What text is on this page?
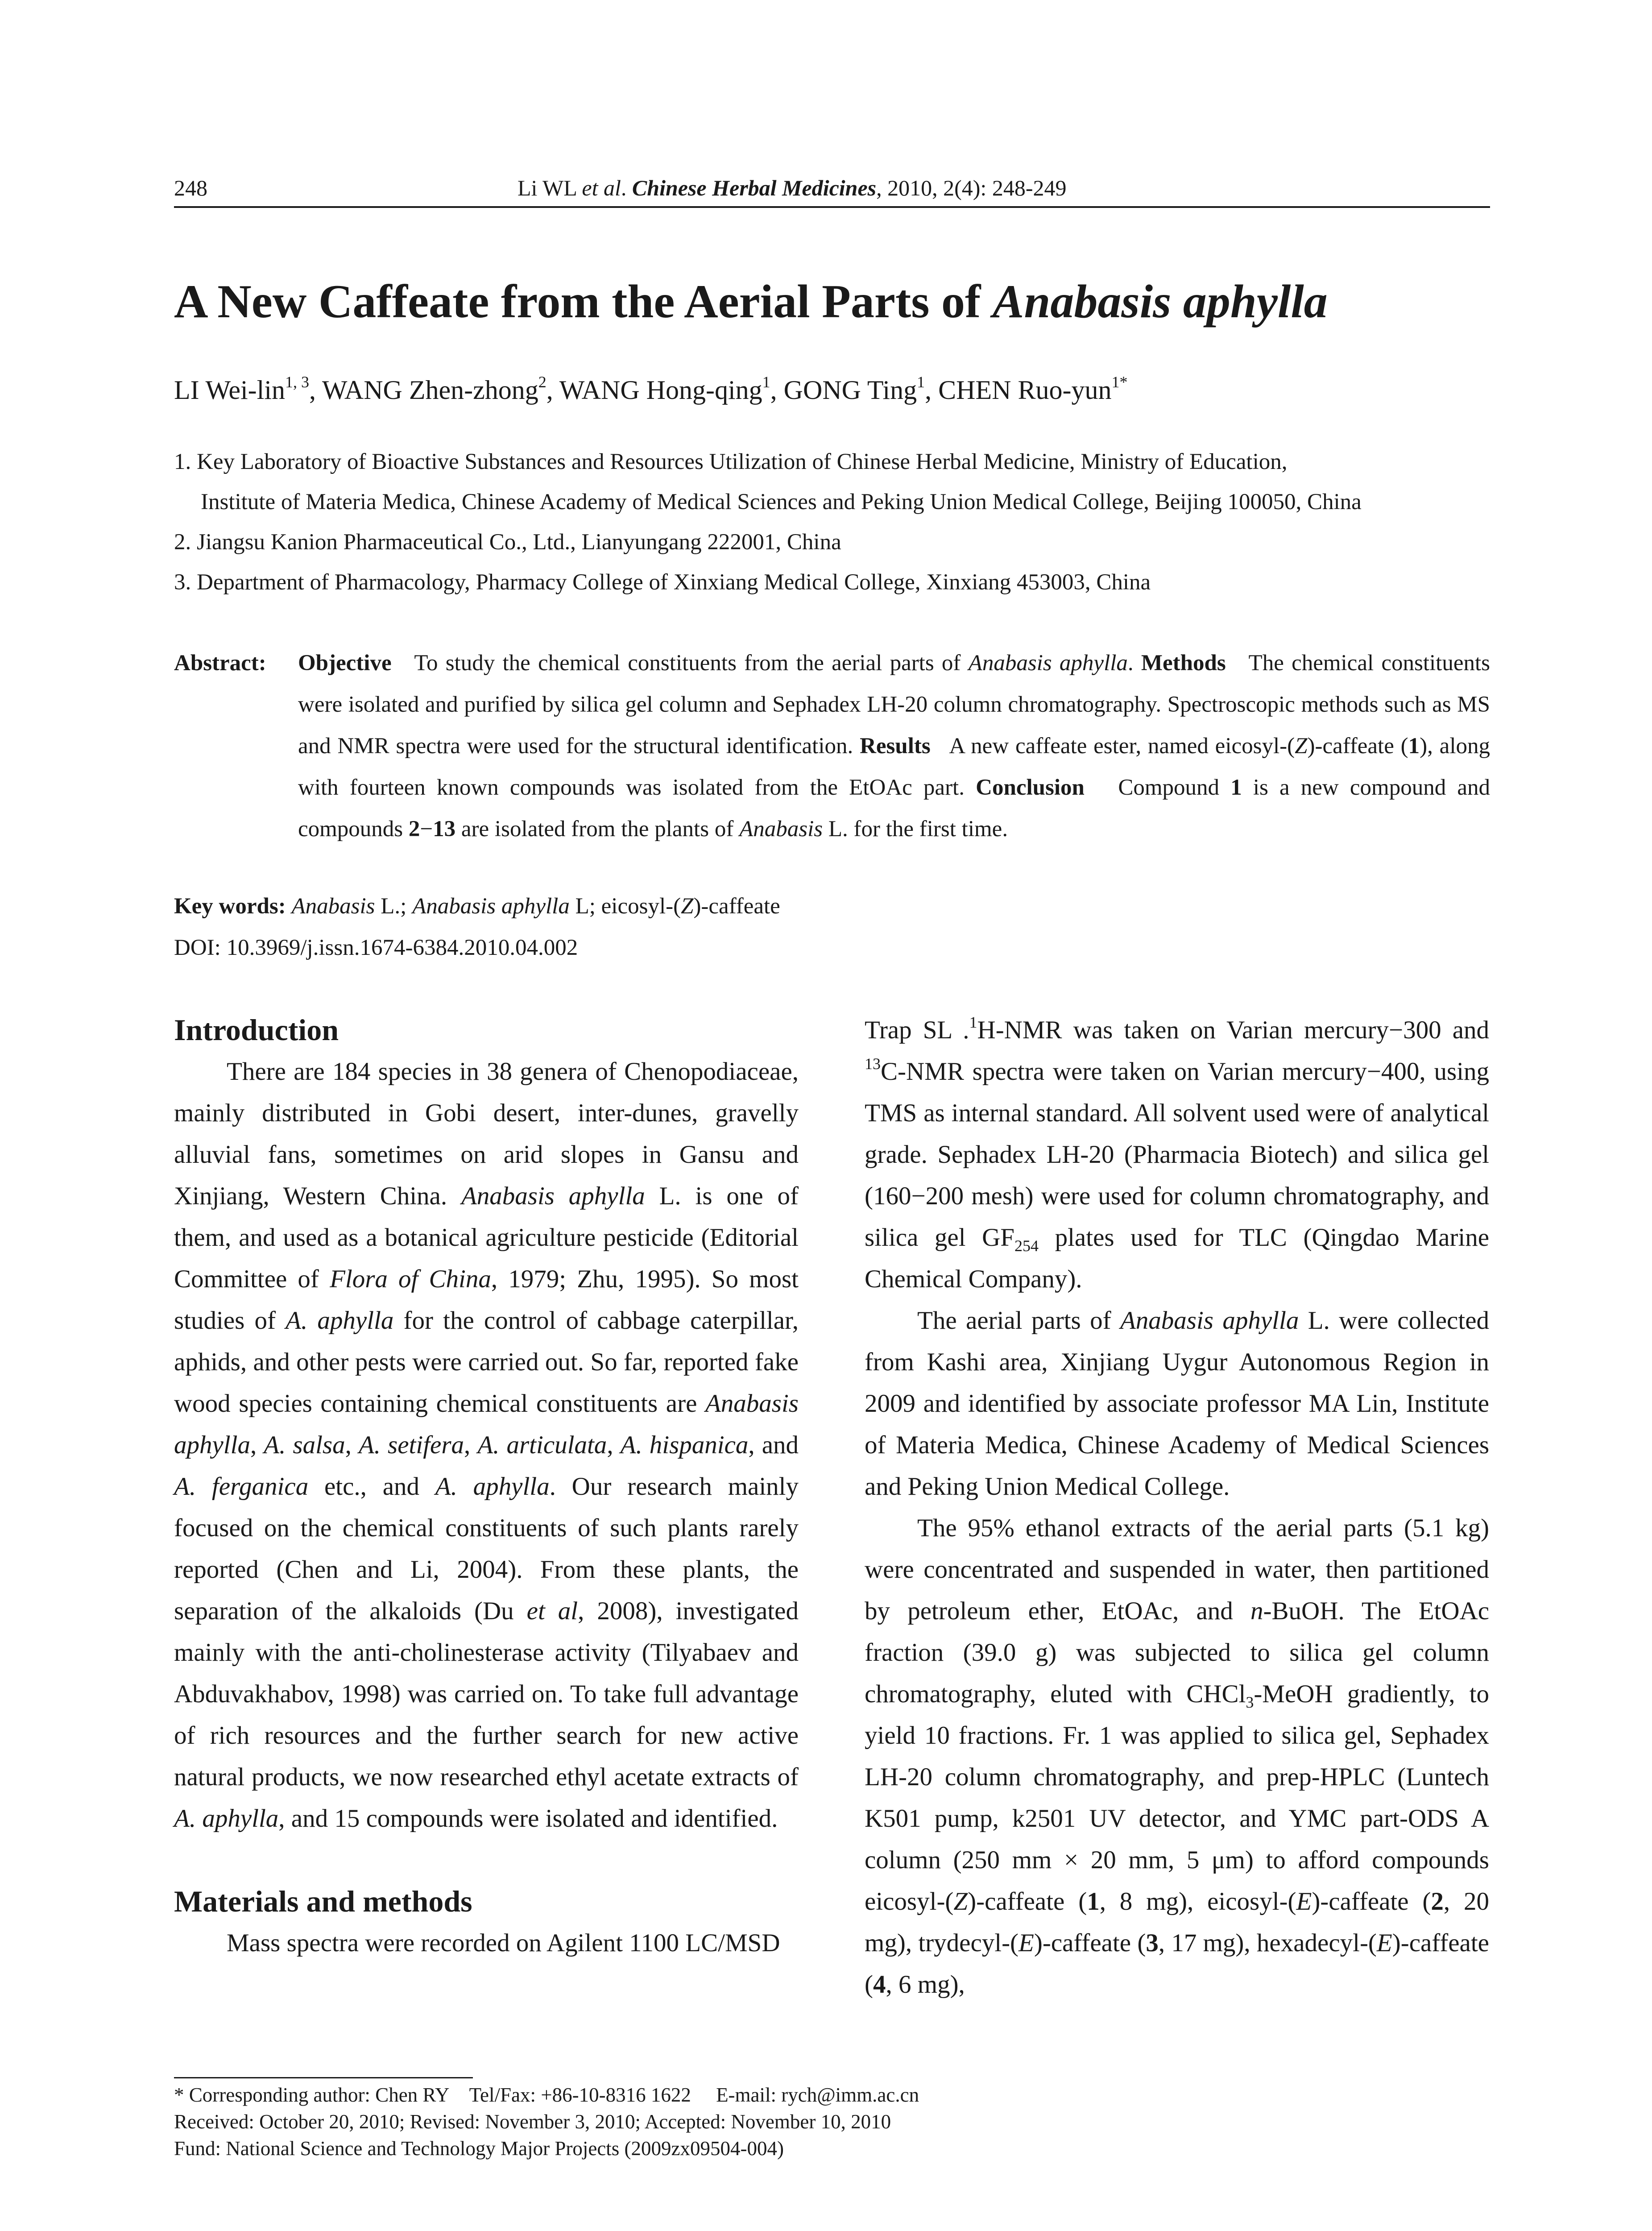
248	Li WL et al. Chinese Herbal Medicines, 2010, 2(4): 248-249
A New Caffeate from the Aerial Parts of Anabasis aphylla
LI Wei-lin$^{1, 3}$, WANG Zhen-zhong$^2$, WANG Hong-qing$^1$, GONG Ting$^1$, CHEN Ruo-yun$^{1*}$
1. Key Laboratory of Bioactive Substances and Resources Utilization of Chinese Herbal Medicine, Ministry of Education,
Institute of Materia Medica, Chinese Academy of Medical Sciences and Peking Union Medical College, Beijing 100050, China
2. Jiangsu Kanion Pharmaceutical Co., Ltd., Lianyungang 222001, China
3. Department of Pharmacology, Pharmacy College of Xinxiang Medical College, Xinxiang 453003, China
Abstract: Objective   To study the chemical constituents from the aerial parts of Anabasis aphylla. Methods   The chemical constituents were isolated and purified by silica gel column and Sephadex LH-20 column chromatography. Spectroscopic methods such as MS and NMR spectra were used for the structural identification. Results   A new caffeate ester, named eicosyl-(Z)-caffeate (1), along with fourteen known compounds was isolated from the EtOAc part. Conclusion   Compound 1 is a new compound and compounds 2−13 are isolated from the plants of Anabasis L. for the first time.
Key words: Anabasis L.; Anabasis aphylla L; eicosyl-(Z)-caffeate
DOI: 10.3969/j.issn.1674-6384.2010.04.002
Introduction

There are 184 species in 38 genera of Chenopodiaceae, mainly distributed in Gobi desert, inter-dunes, gravelly alluvial fans, sometimes on arid slopes in Gansu and Xinjiang, Western China. Anabasis aphylla L. is one of them, and used as a botanical agriculture pesticide (Editorial Committee of Flora of China, 1979; Zhu, 1995). So most studies of A. aphylla for the control of cabbage caterpillar, aphids, and other pests were carried out. So far, reported fake wood species containing chemical constituents are Anabasis aphylla, A. salsa, A. setifera, A. articulata, A. hispanica, and A. ferganica etc., and A. aphylla. Our research mainly focused on the chemical constituents of such plants rarely reported (Chen and Li, 2004). From these plants, the separation of the alkaloids (Du et al, 2008), investigated mainly with the anti-cholinesterase activity (Tilyabaev and Abduvakhabov, 1998) was carried on. To take full advantage of rich resources and the further search for new active natural products, we now researched ethyl acetate extracts of A. aphylla, and 15 compounds were isolated and identified.

Materials and methods

Mass spectra were recorded on Agilent 1100 LC/MSD

Trap SL .$^1$H-NMR was taken on Varian mercury−300 and $^{13}$C-NMR spectra were taken on Varian mercury−400, using TMS as internal standard. All solvent used were of analytical grade. Sephadex LH-20 (Pharmacia Biotech) and silica gel (160−200 mesh) were used for column chromatography, and silica gel $GF_{254}$ plates used for TLC (Qingdao Marine Chemical Company).

The aerial parts of Anabasis aphylla L. were collected from Kashi area, Xinjiang Uygur Autonomous Region in 2009 and identified by associate professor MA Lin, Institute of Materia Medica, Chinese Academy of Medical Sciences and Peking Union Medical College.

The 95% ethanol extracts of the aerial parts (5.1 kg) were concentrated and suspended in water, then partitioned by petroleum ether, EtOAc, and n-BuOH. The EtOAc fraction (39.0 g) was subjected to silica gel column chromatography, eluted with CHCl$_3$-MeOH gradiently, to yield 10 fractions. Fr. 1 was applied to silica gel, Sephadex LH-20 column chromatography, and prep-HPLC (Luntech K501 pump, k2501 UV detector, and YMC part-ODS A column (250 mm × 20 mm, 5 μm) to afford compounds eicosyl-(Z)-caffeate (1, 8 mg), eicosyl-(E)-caffeate (2, 20 mg), trydecyl-(E)-caffeate (3, 17 mg), hexadecyl-(E)-caffeate (4, 6 mg),

* Corresponding author: Chen RY    Tel/Fax: +86-10-8316 1622     E-mail: rych@imm.ac.cn
Received: October 20, 2010; Revised: November 3, 2010; Accepted: November 10, 2010
Fund: National Science and Technology Major Projects (2009zx09504-004)
